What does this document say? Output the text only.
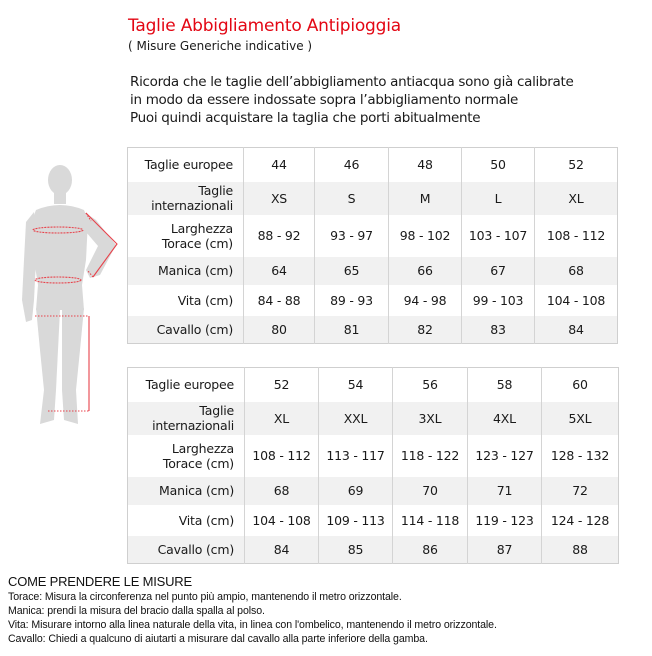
Taglie Abbigliamento Antipioggia
( Misure Generiche indicative )
Ricorda che le taglie dell’abbigliamento antiacqua sono già calibrate
in modo da essere indossate sopra l’abbigliamento normale
Puoi quindi acquistare la taglia che porti abitualmente
Taglie europee	44	46	48	50	52

Taglie
internazionali	XS	S	M	L	XL

Larghezza
Torace (cm)	88 - 92	93 - 97	98 - 102	103 - 107	108 - 112
Manica (cm)	64	65	66	67	68
Vita (cm)	84 - 88	89 - 93	94 - 98	99 - 103	104 - 108
Cavallo (cm)	80	81	82	83	84
Taglie europee	52	54	56	58	60

Taglie
internazionali	XL	XXL	3XL	4XL	5XL

Larghezza
Torace (cm)	108 - 112	113 - 117	118 - 122	123 - 127	128 - 132
Manica (cm)	68	69	70	71	72
Vita (cm)	104 - 108	109 - 113	114 - 118	119 - 123	124 - 128
Cavallo (cm)	84	85	86	87	88
COME PRENDERE LE MISURE

Torace: Misura la circonferenza nel punto più ampio, mantenendo il metro orizzontale.

Manica: prendi la misura del bracio dalla spalla al polso.

Vita: Misurare intorno alla linea naturale della vita, in linea con l'ombelico, mantenendo il metro orizzontale.

Cavallo: Chiedi a qualcuno di aiutarti a misurare dal cavallo alla parte inferiore della gamba.
